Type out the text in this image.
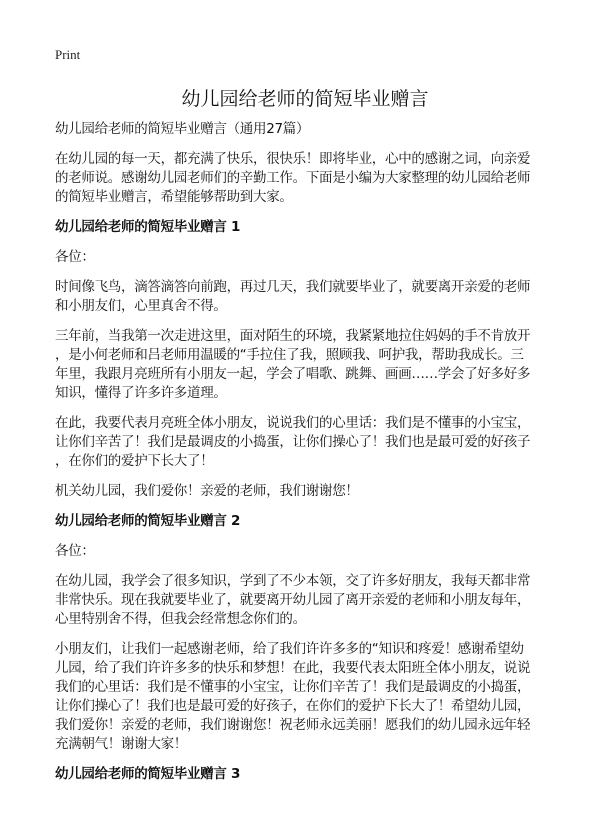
Print
幼儿园给老师的简短毕业赠言
幼儿园给老师的简短毕业赠言（通用27篇）
在幼儿园的每一天，都充满了快乐，很快乐！即将毕业，心中的感谢之词，向亲爱
的老师说。感谢幼儿园老师们的辛勤工作。下面是小编为大家整理的幼儿园给老师
的简短毕业赠言，希望能够帮助到大家。
幼儿园给老师的简短毕业赠言 1
各位：
时间像飞鸟，滴答滴答向前跑，再过几天，我们就要毕业了，就要离开亲爱的老师
和小朋友们，心里真舍不得。
三年前，当我第一次走进这里，面对陌生的环境，我紧紧地拉住妈妈的手不肯放开
，是小何老师和吕老师用温暖的“手拉住了我，照顾我、呵护我，帮助我成长。三
年里，我跟月亮班所有小朋友一起，学会了唱歌、跳舞、画画……学会了好多好多
知识，懂得了许多许多道理。
在此，我要代表月亮班全体小朋友，说说我们的心里话：我们是不懂事的小宝宝，
让你们辛苦了！我们是最调皮的小捣蛋，让你们操心了！我们也是最可爱的好孩子
，在你们的爱护下长大了！
机关幼儿园，我们爱你！亲爱的老师，我们谢谢您！
幼儿园给老师的简短毕业赠言 2
各位：
在幼儿园，我学会了很多知识，学到了不少本领，交了许多好朋友，我每天都非常
非常快乐。现在我就要毕业了，就要离开幼儿园了离开亲爱的老师和小朋友每年，
心里特别舍不得，但我会经常想念你们的。
小朋友们，让我们一起感谢老师，给了我们许许多多的“知识和疼爱！感谢希望幼
儿园，给了我们许许多多的快乐和梦想！在此，我要代表太阳班全体小朋友，说说
我们的心里话：我们是不懂事的小宝宝，让你们辛苦了！我们是最调皮的小捣蛋，
让你们操心了！我们也是最可爱的好孩子，在你们的爱护下长大了！希望幼儿园，
我们爱你！亲爱的老师，我们谢谢您！祝老师永远美丽！愿我们的幼儿园永远年轻
充满朝气！谢谢大家！
幼儿园给老师的简短毕业赠言 3
